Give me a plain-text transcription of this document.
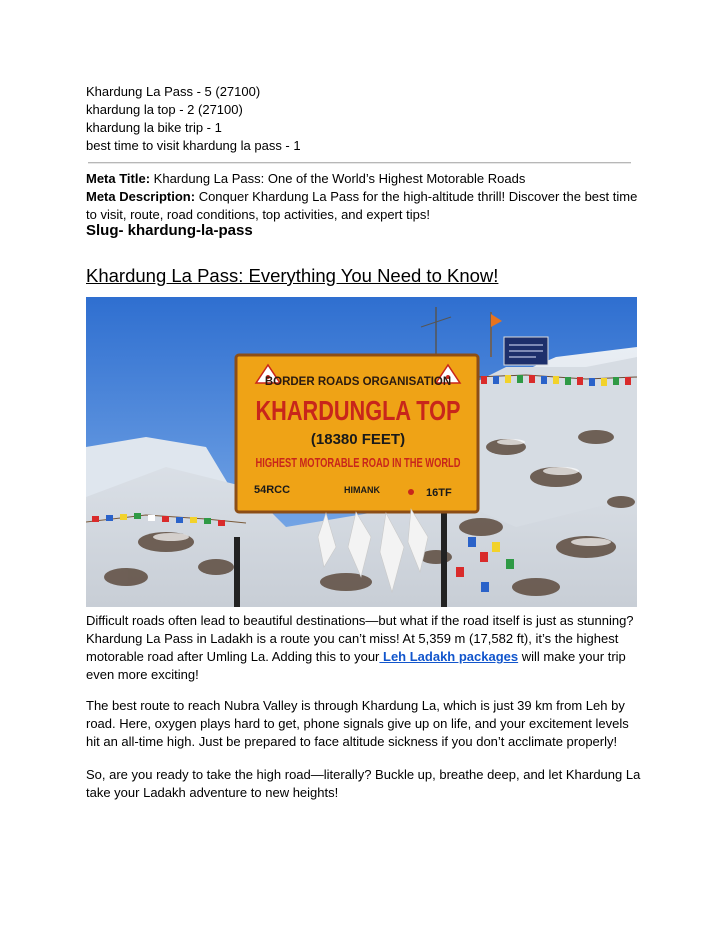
Khardung La Pass - 5 (27100)
khardung la top - 2 (27100)
khardung la bike trip - 1
best time to visit khardung la pass - 1
Meta Title: Khardung La Pass: One of the World’s Highest Motorable Roads
Meta Description: Conquer Khardung La Pass for the high-altitude thrill! Discover the best time to visit, route, road conditions, top activities, and expert tips!
Slug- khardung-la-pass
Khardung La Pass: Everything You Need to Know!
BORDER ROADS ORGANISATION
KHARDUNGLA TOP
(18380 FEET)
HIGHEST MOTORABLE ROAD IN THE WORLD
54RCC	HIMANK	16TF
Difficult roads often lead to beautiful destinations—but what if the road itself is just as stunning? Khardung La Pass in Ladakh is a route you can’t miss! At 5,359 m (17,582 ft), it’s the highest motorable road after Umling La. Adding this to your Leh Ladakh packages will make your trip even more exciting!
The best route to reach Nubra Valley is through Khardung La, which is just 39 km from Leh by road. Here, oxygen plays hard to get, phone signals give up on life, and your excitement levels hit an all-time high. Just be prepared to face altitude sickness if you don’t acclimate properly!
So, are you ready to take the high road—literally? Buckle up, breathe deep, and let Khardung La take your Ladakh adventure to new heights!
